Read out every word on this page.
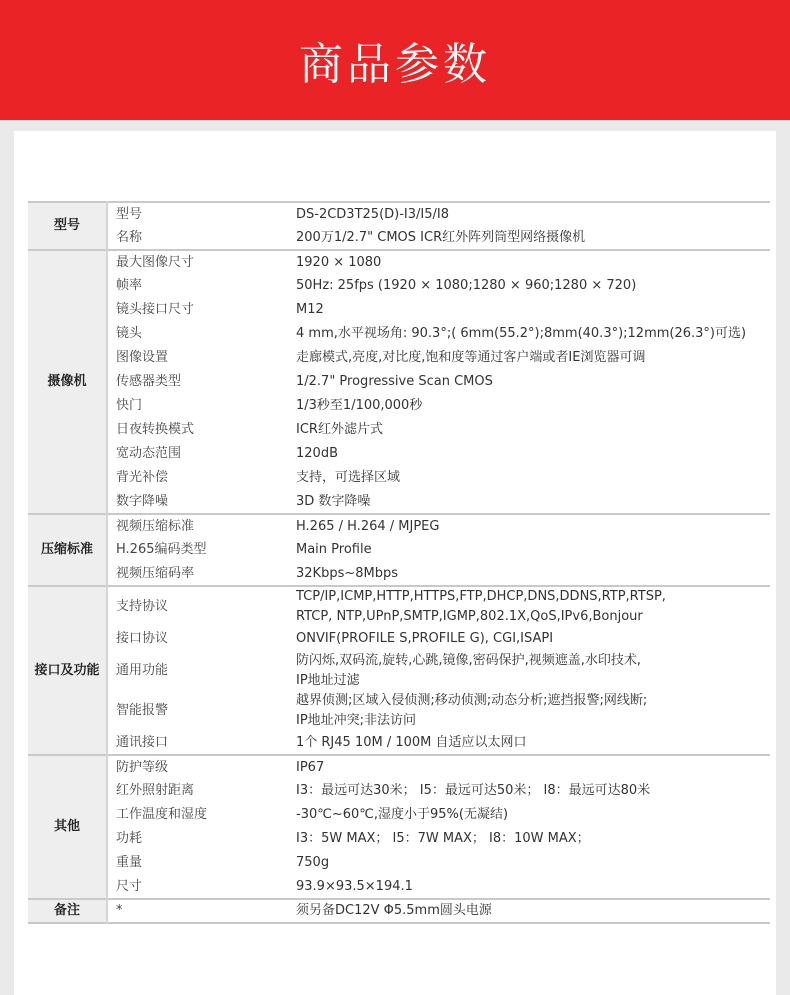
商品参数
型号	型号	DS-2CD3T25(D)-I3/I5/I8

	名称	200万1/2.7" CMOS ICR红外阵列筒型网络摄像机

摄像机	最大图像尺寸	1920 × 1080

	帧率	50Hz: 25fps (1920 × 1080;1280 × 960;1280 × 720)

	镜头接口尺寸	M12

	镜头	4 mm,水平视场角: 90.3°;( 6mm(55.2°);8mm(40.3°);12mm(26.3°)可选)

	图像设置	走廊模式,亮度,对比度,饱和度等通过客户端或者IE浏览器可调

	传感器类型	1/2.7" Progressive Scan CMOS

	快门	1/3秒至1/100,000秒

	日夜转换模式	ICR红外滤片式

	宽动态范围	120dB

	背光补偿	支持，可选择区域

	数字降噪	3D 数字降噪

压缩标准	视频压缩标准	H.265 / H.264 / MJPEG

	H.265编码类型	Main Profile

	视频压缩码率	32Kbps~8Mbps

接口及功能	支持协议	TCP/IP,ICMP,HTTP,HTTPS,FTP,DHCP,DNS,DDNS,RTP,RTSP,
RTCP, NTP,UPnP,SMTP,IGMP,802.1X,QoS,IPv6,Bonjour

	接口协议	ONVIF(PROFILE S,PROFILE G), CGI,ISAPI

	通用功能	防闪烁,双码流,旋转,心跳,镜像,密码保护,视频遮盖,水印技术,
IP地址过滤

	智能报警	越界侦测;区域入侵侦测;移动侦测;动态分析;遮挡报警;网线断;
IP地址冲突;非法访问

	通讯接口	1个 RJ45 10M / 100M 自适应以太网口

其他	防护等级	IP67

	红外照射距离	I3：最远可达30米； I5：最远可达50米； I8：最远可达80米

	工作温度和湿度	-30℃~60℃,湿度小于95%(无凝结)

	功耗	I3：5W MAX； I5：7W MAX； I8：10W MAX；

	重量	750g

	尺寸	93.9×93.5×194.1

备注	*	须另备DC12V Φ5.5mm圆头电源
